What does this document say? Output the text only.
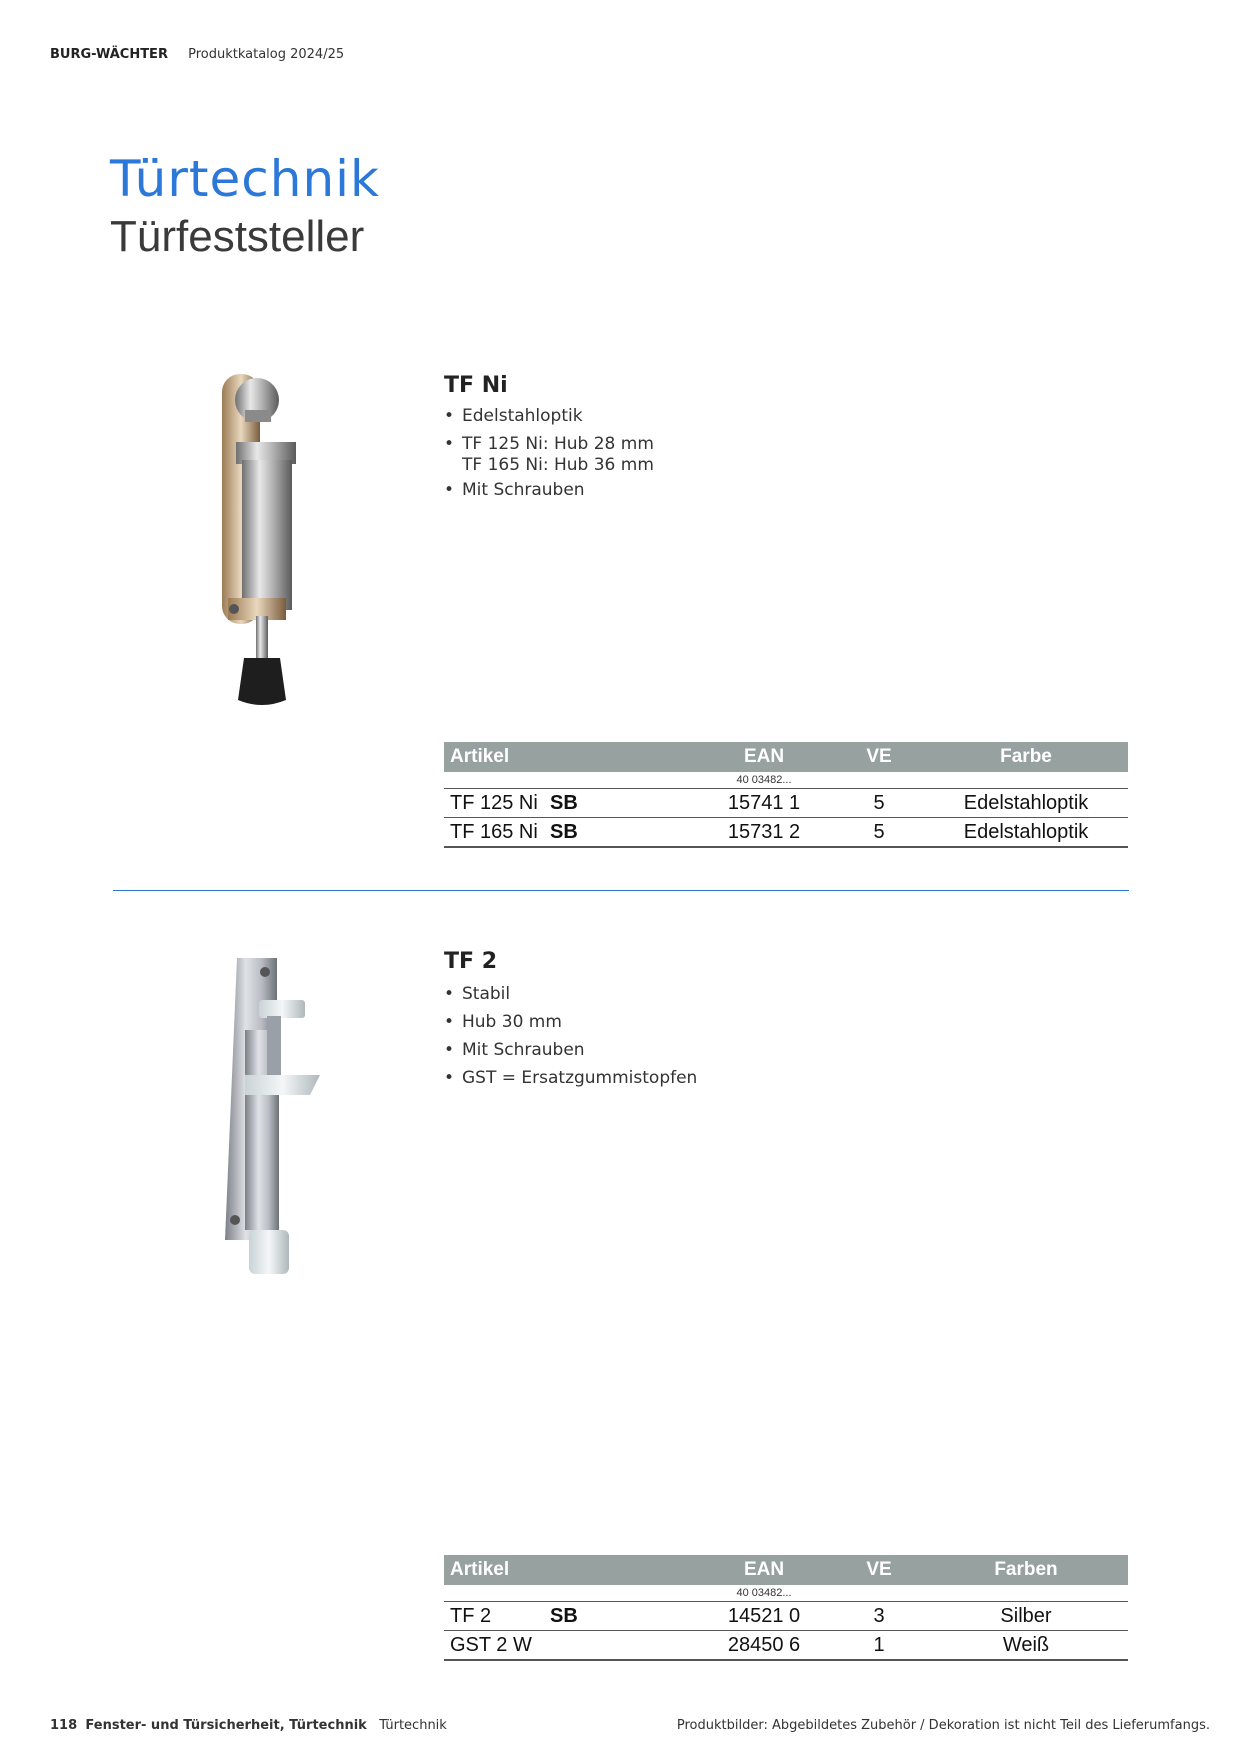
BURG-WÄCHTER Produktkatalog 2024/25
Türtechnik
Türfeststeller
TF Ni
• Edelstahloptik
• TF 125 Ni: Hub 28 mm
TF 165 Ni: Hub 36 mm
• Mit Schrauben
Artikel		EAN	VE	Farbe
		40 03482...		
TF 125 Ni	SB	15741 1	5	Edelstahloptik
TF 165 Ni	SB	15731 2	5	Edelstahloptik
TF 2
• Stabil
• Hub 30 mm
• Mit Schrauben
• GST = Ersatzgummistopfen
Artikel		EAN	VE	Farben
		40 03482...		
TF 2	SB	14521 0	3	Silber
GST 2 W		28450 6	1	Weiß
118 Fenster- und Türsicherheit, Türtechnik Türtechnik	Produktbilder: Abgebildetes Zubehör / Dekoration ist nicht Teil des Lieferumfangs.
